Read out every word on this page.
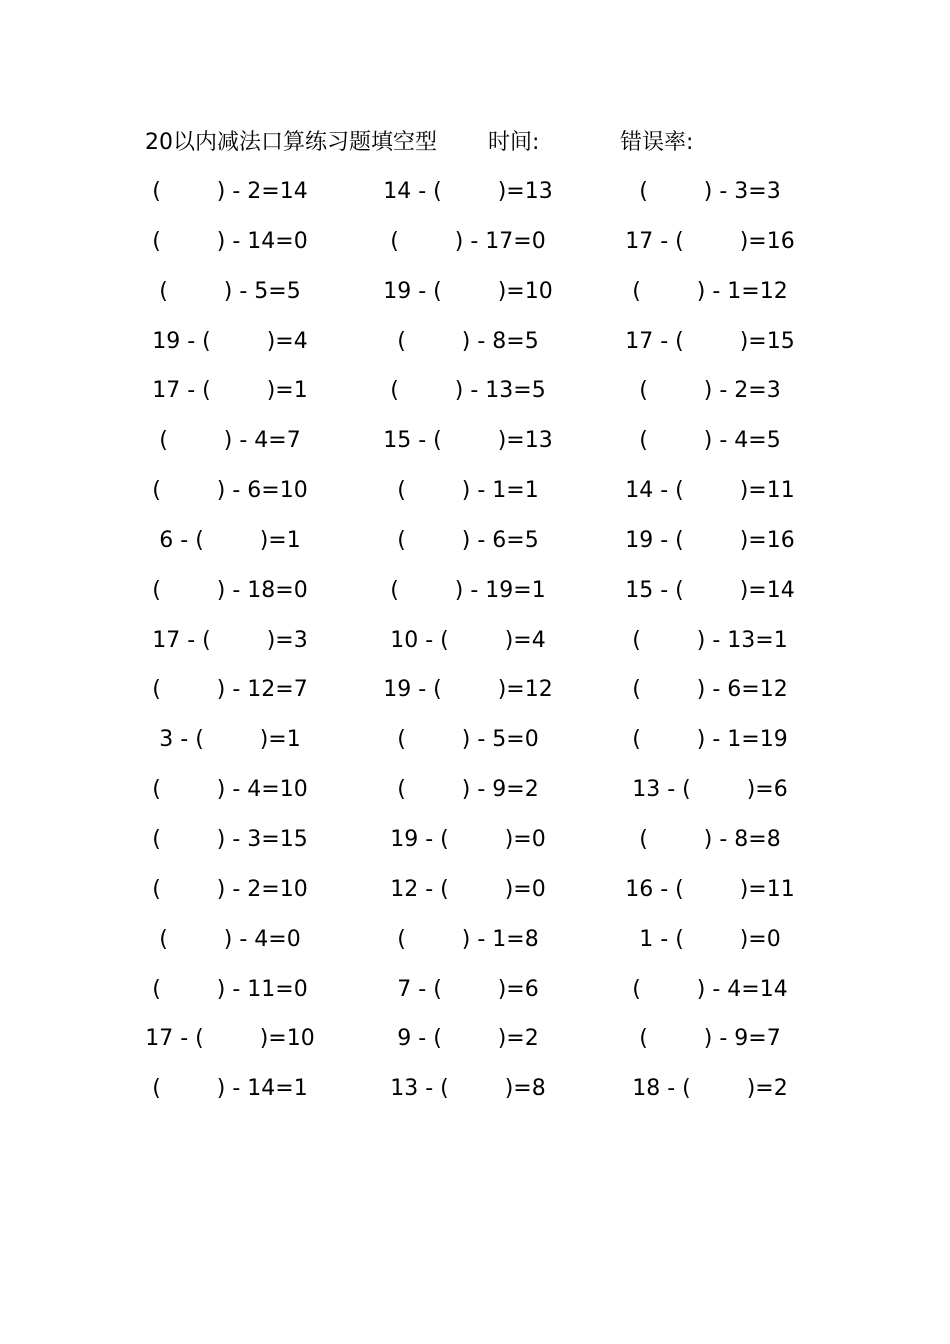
20以内减法口算练习题填空型 时间:	错误率:
(        ) - 2=14	14 - (        )=13	(        ) - 3=3
(        ) - 14=0	(        ) - 17=0	17 - (        )=16
(        ) - 5=5	19 - (        )=10	(        ) - 1=12
19 - (        )=4	(        ) - 8=5	17 - (        )=15
17 - (        )=1	(        ) - 13=5	(        ) - 2=3
(        ) - 4=7	15 - (        )=13	(        ) - 4=5
(        ) - 6=10	(        ) - 1=1	14 - (        )=11
6 - (        )=1	(        ) - 6=5	19 - (        )=16
(        ) - 18=0	(        ) - 19=1	15 - (        )=14
17 - (        )=3	10 - (        )=4	(        ) - 13=1
(        ) - 12=7	19 - (        )=12	(        ) - 6=12
3 - (        )=1	(        ) - 5=0	(        ) - 1=19
(        ) - 4=10	(        ) - 9=2	13 - (        )=6
(        ) - 3=15	19 - (        )=0	(        ) - 8=8
(        ) - 2=10	12 - (        )=0	16 - (        )=11
(        ) - 4=0	(        ) - 1=8	1 - (        )=0
(        ) - 11=0	7 - (        )=6	(        ) - 4=14
17 - (        )=10	9 - (        )=2	(        ) - 9=7
(        ) - 14=1	13 - (        )=8	18 - (        )=2
